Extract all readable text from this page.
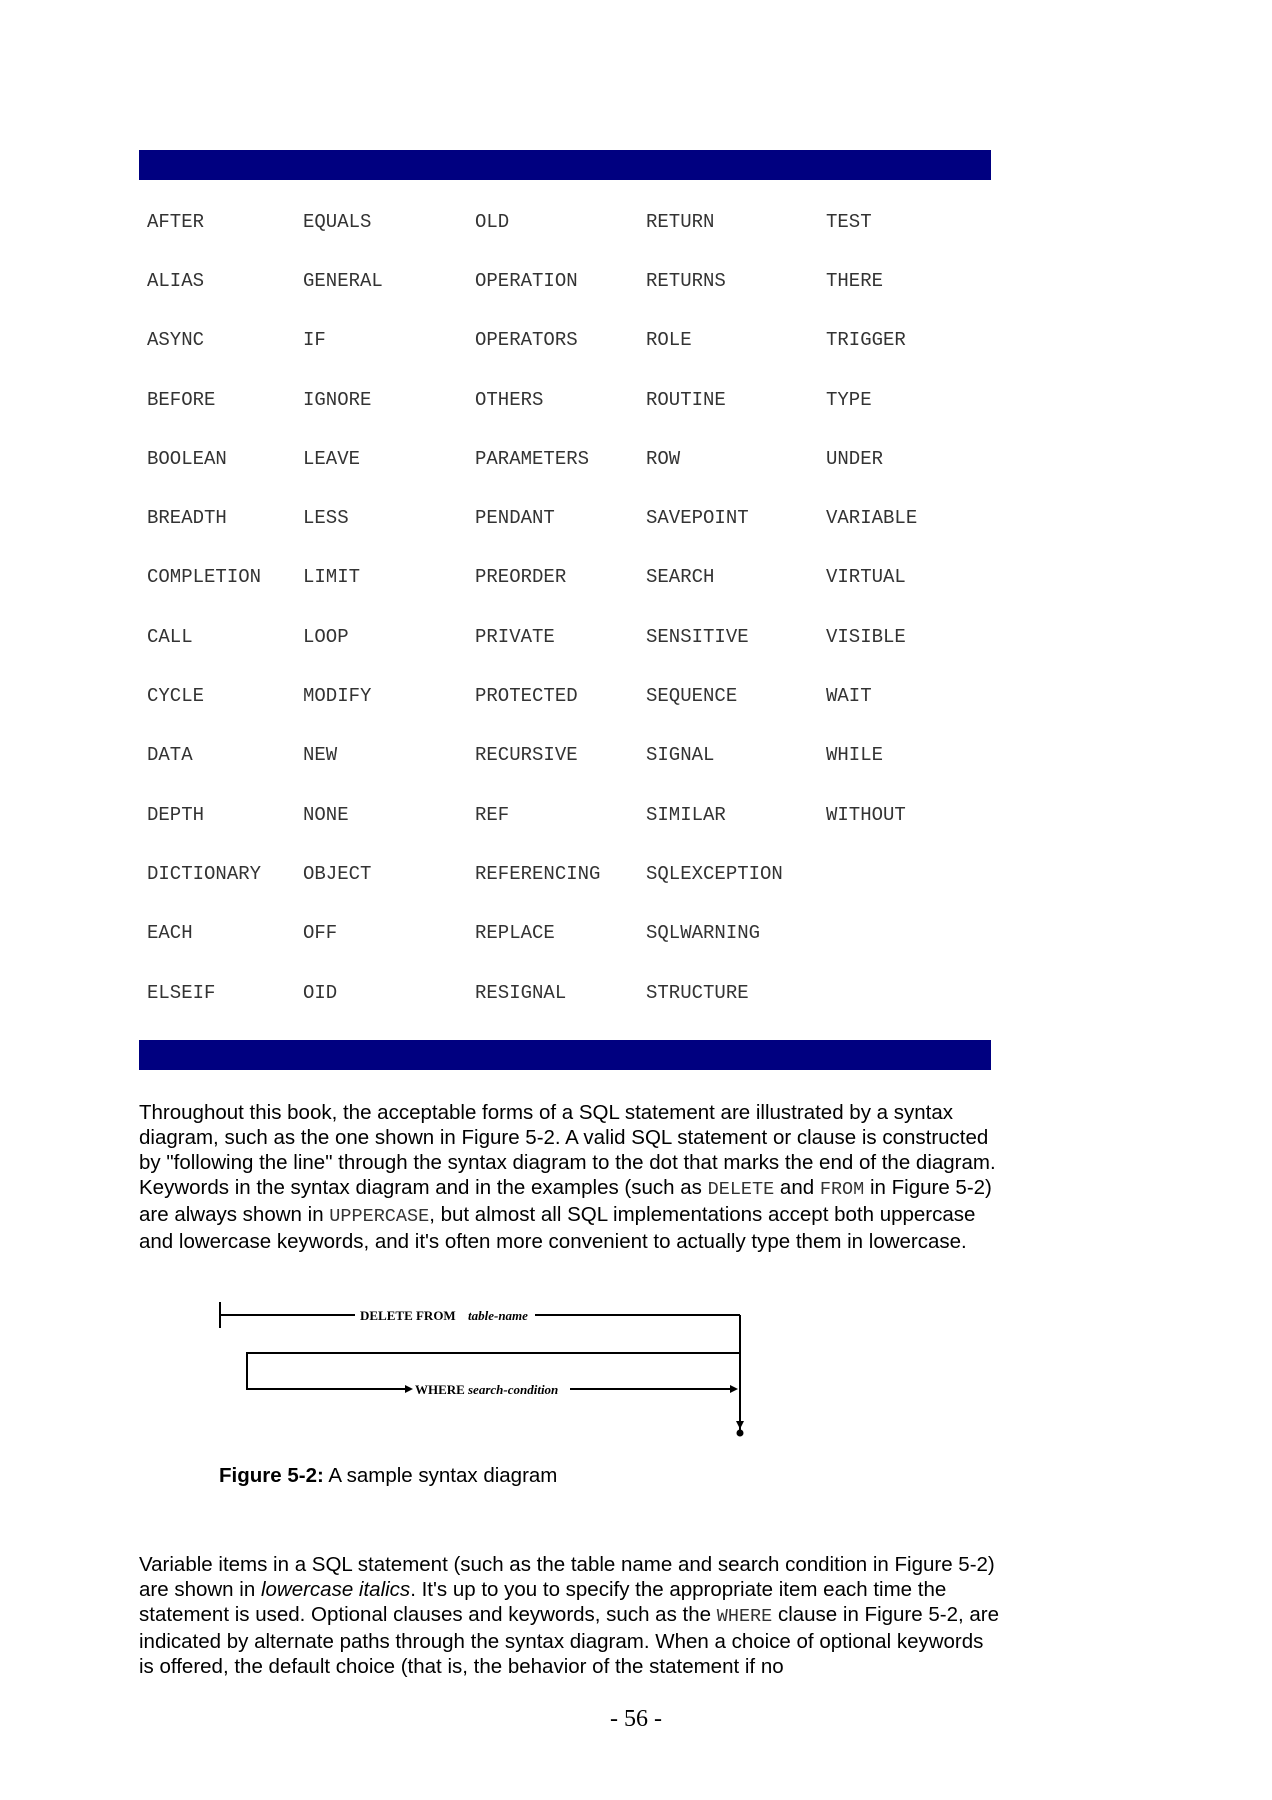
AFTER	EQUALS	OLD	RETURN	TEST
ALIAS	GENERAL	OPERATION	RETURNS	THERE
ASYNC	IF	OPERATORS	ROLE	TRIGGER
BEFORE	IGNORE	OTHERS	ROUTINE	TYPE
BOOLEAN	LEAVE	PARAMETERS	ROW	UNDER
BREADTH	LESS	PENDANT	SAVEPOINT	VARIABLE
COMPLETION	LIMIT	PREORDER	SEARCH	VIRTUAL
CALL	LOOP	PRIVATE	SENSITIVE	VISIBLE
CYCLE	MODIFY	PROTECTED	SEQUENCE	WAIT
DATA	NEW	RECURSIVE	SIGNAL	WHILE
DEPTH	NONE	REF	SIMILAR	WITHOUT
DICTIONARY	OBJECT	REFERENCING	SQLEXCEPTION	
EACH	OFF	REPLACE	SQLWARNING	
ELSEIF	OID	RESIGNAL	STRUCTURE	

Throughout this book, the acceptable forms of a SQL statement are illustrated by a syntax diagram, such as the one shown in Figure 5-2. A valid SQL statement or clause is constructed by "following the line" through the syntax diagram to the dot that marks the end of the diagram. Keywords in the syntax diagram and in the examples (such as DELETE and FROM in Figure 5-2) are always shown in UPPERCASE, but almost all SQL implementations accept both uppercase and lowercase keywords, and it's often more convenient to actually type them in lowercase.

DELETE FROM table-name
WHERE search-condition
Figure 5-2: A sample syntax diagram

Variable items in a SQL statement (such as the table name and search condition in Figure 5-2) are shown in lowercase italics. It's up to you to specify the appropriate item each time the statement is used. Optional clauses and keywords, such as the WHERE clause in Figure 5-2, are indicated by alternate paths through the syntax diagram. When a choice of optional keywords is offered, the default choice (that is, the behavior of the statement if no

- 56 -
